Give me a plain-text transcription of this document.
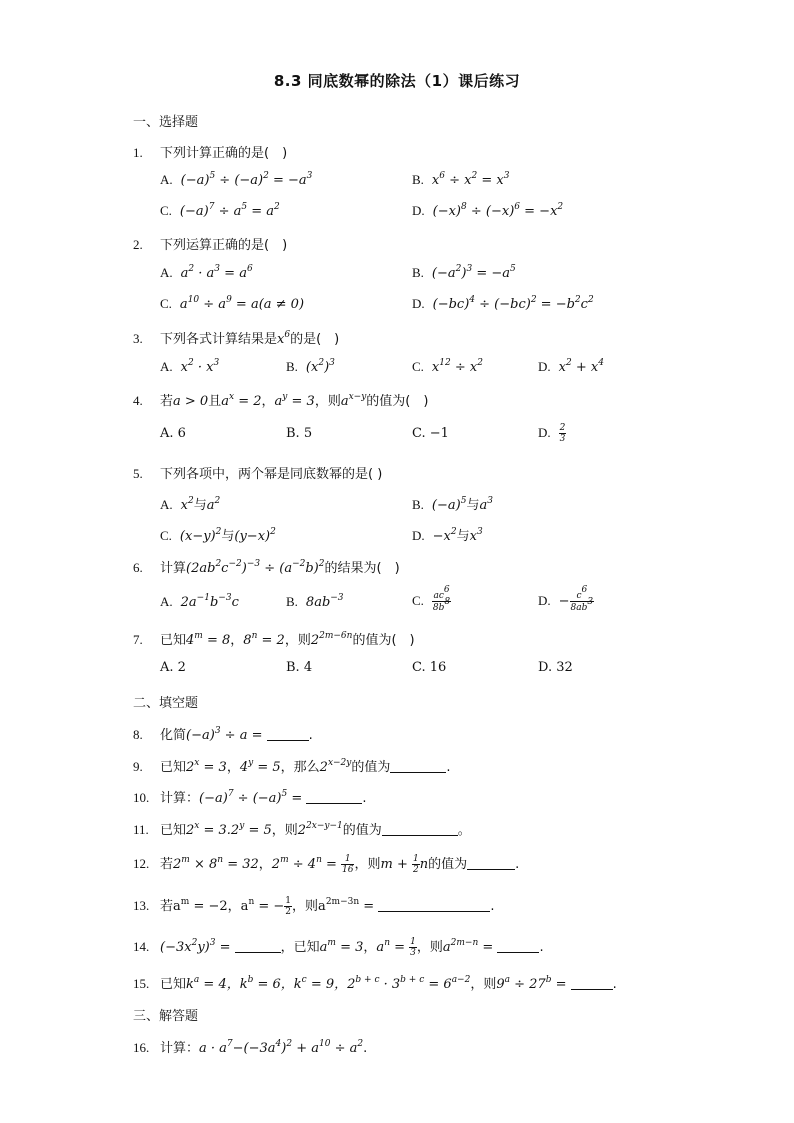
8.3 同底数幂的除法（1）课后练习
一、选择题
1. 下列计算正确的是(　)
A. $(-a)^5 \div (-a)^2 = -a^3$	B. $x^6 \div x^2 = x^3$
C. $(-a)^7 \div a^5 = a^2$	D. $(-x)^8 \div (-x)^6 = -x^2$
2. 下列运算正确的是(　)
A. $a^2 \cdot a^3 = a^6$	B. $(-a^2)^3 = -a^5$
C. $a^{10} \div a^9 = a(a \ne 0)$	D. $(-bc)^4 \div (-bc)^2 = -b^2c^2$
3. 下列各式计算结果是$x^6$的是(　)
A. $x^2 \cdot x^3$	B. $(x^2)^3$	C. $x^{12} \div x^2$	D. $x^2 + x^4$
4. 若a > 0且$a^x = 2$，$a^y = 3$，则$a^{x-y}$的值为(　)
A. 6	B. 5	C. −1	D. $\frac{2}{3}$
5. 下列各项中，两个幂是同底数幂的是( )
A. $x^2$与$a^2$	B. $(-a)^5$与$a^3$
C. $(x-y)^2$与$(y-x)^2$	D. $-x^2$与$x^3$
6. 计算$(2ab^2c^{-2})^{-3} \div (a^{-2}b)^2$的结果为(　)
A. $2a^{-1}b^{-3}c$	B. $8ab^{-3}$	C. $\frac{ac^6}{8b^8}$	D. − $\frac{c^6}{8ab^3}$
7. 已知$4^m = 8$，$8^n = 2$，则$2^{2m-6n}$的值为(　)
A. 2	B. 4	C. 16	D. 32
二、填空题
8. 化简$(-a)^3 \div a$ =	.
9. 已知$2^x = 3$，$4^y = 5$，那么$2^{x-2y}$的值为	.
10. 计算：$(-a)^7 \div (-a)^5$ =	.
11. 已知$2^x = 3.2^y = 5$，则$2^{2x-y-1}$的值为	。
12. 若$2^m \times 8^n = 32$，$2^m \div 4^n = \frac{1}{16}$ ，则$m + \frac{1}{2}$ n的值为	.
13. 若$a^m = -2$，$a^n$ = − $\frac{1}{2}$ ，则$a^{2m-3n}$ =	.
14. $(-3x^2y)^3$ =	，已知$a^m = 3$，$a^n = \frac{1}{3}$ ，则$a^{2m-n}$ =	.
15. 已知$k^a = 4$，$k^b = 6$，$k^c = 9$，$2^{b + c} \cdot 3^{b + c} = 6^{a-2}$，则$9^a \div 27^b$ =	.
三、解答题
16. 计算：$a \cdot a^7-(-3a^4)^2 + a^{10} \div a^2$.
